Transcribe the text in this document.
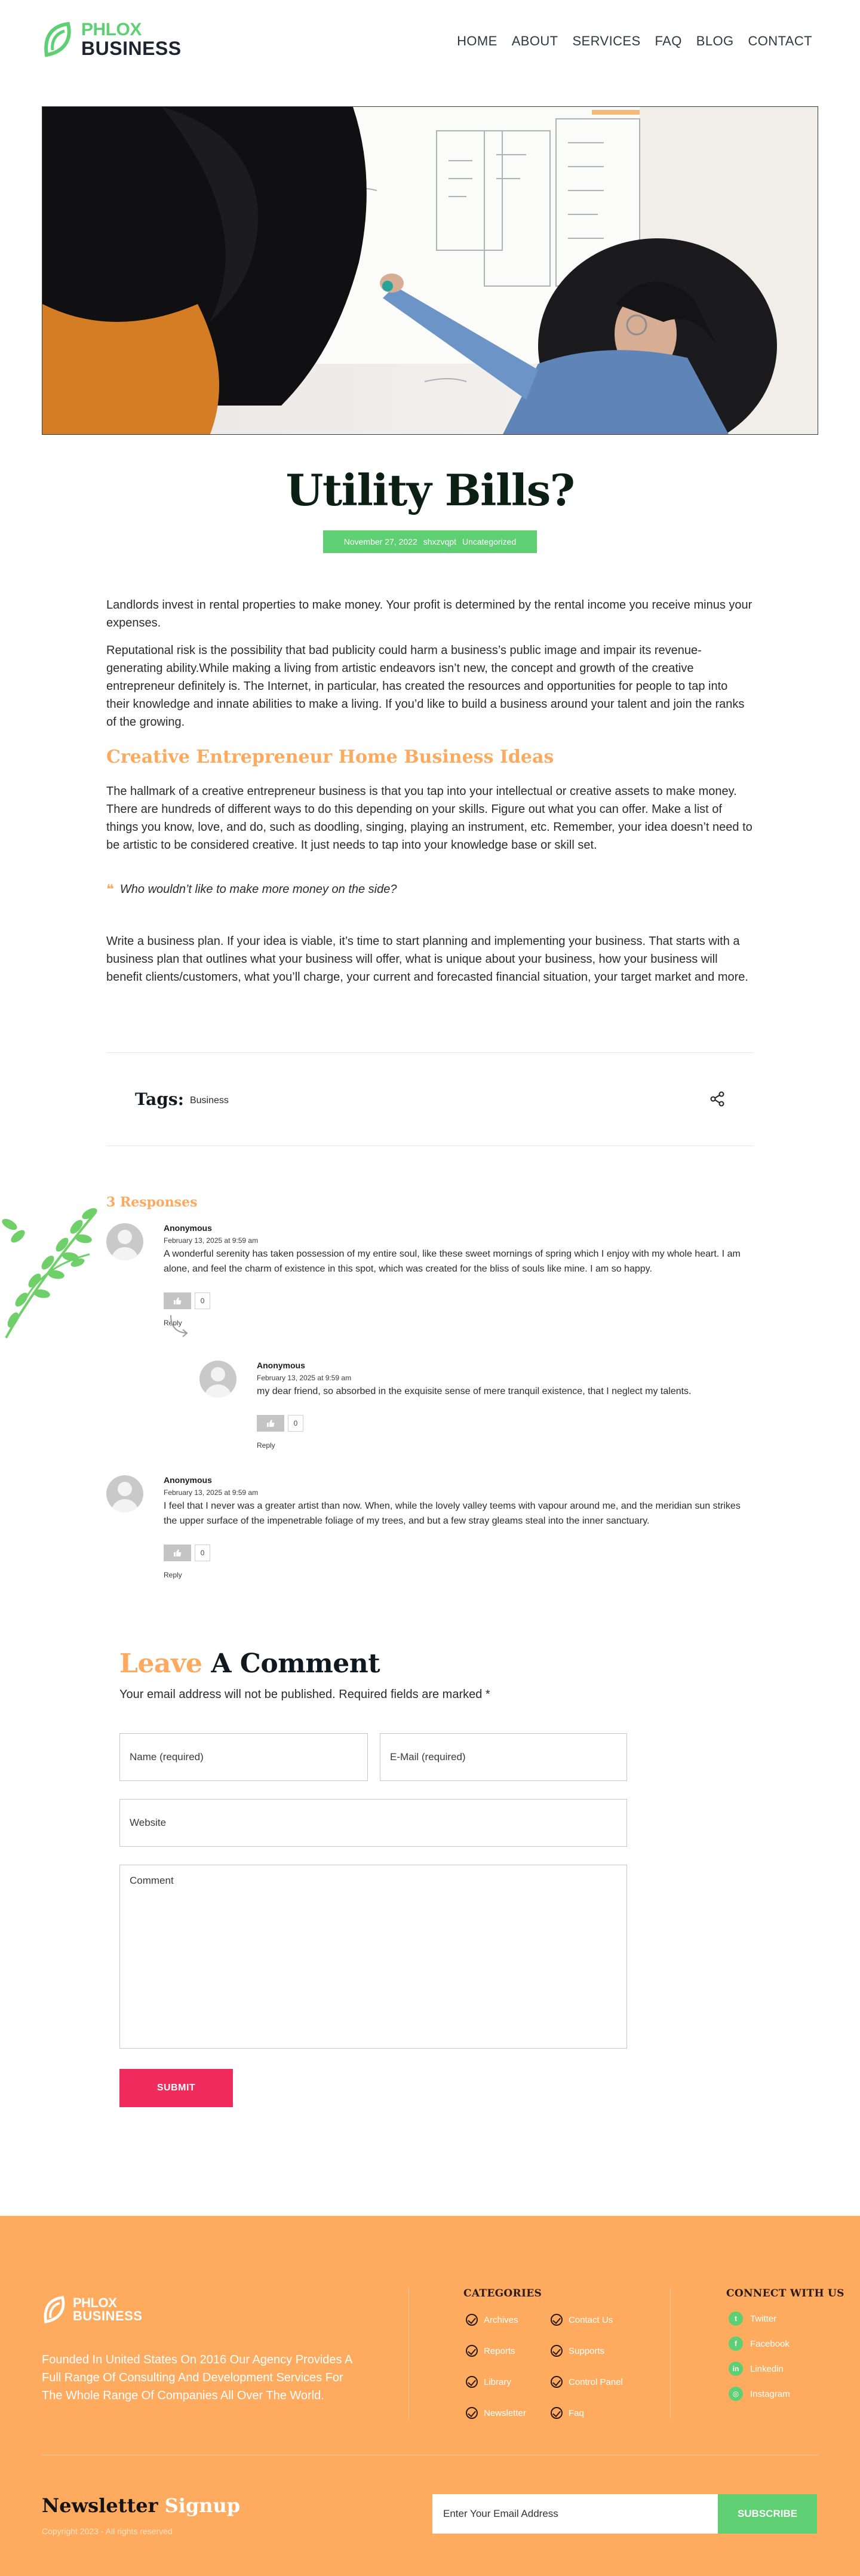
PHLOX
BUSINESS	HOME ABOUT SERVICES FAQ BLOG CONTACT
Utility Bills?
November 27, 2022 shxzvqpt Uncategorized

Landlords invest in rental properties to make money. Your profit is determined by the rental income you receive minus your expenses.

Reputational risk is the possibility that bad publicity could harm a business’s public image and impair its revenue-generating ability.While making a living from artistic endeavors isn’t new, the concept and growth of the creative entrepreneur definitely is. The Internet, in particular, has created the resources and opportunities for people to tap into their knowledge and innate abilities to make a living. If you’d like to build a business around your talent and join the ranks of the growing.

Creative Entrepreneur Home Business Ideas

The hallmark of a creative entrepreneur business is that you tap into your intellectual or creative assets to make money. There are hundreds of different ways to do this depending on your skills. Figure out what you can offer. Make a list of things you know, love, and do, such as doodling, singing, playing an instrument, etc. Remember, your idea doesn’t need to be artistic to be considered creative. It just needs to tap into your knowledge base or skill set.

❝ Who wouldn’t like to make more money on the side?

Write a business plan. If your idea is viable, it’s time to start planning and implementing your business. That starts with a business plan that outlines what your business will offer, what is unique about your business, how your business will benefit clients/customers, what you’ll charge, your current and forecasted financial situation, your target market and more.

Tags: Business
3 Responses
Anonymous
February 13, 2025 at 9:59 am
A wonderful serenity has taken possession of my entire soul, like these sweet mornings of spring which I enjoy with my whole heart. I am alone, and feel the charm of existence in this spot, which was created for the bliss of souls like mine. I am so happy.
0
Reply
Anonymous
February 13, 2025 at 9:59 am
my dear friend, so absorbed in the exquisite sense of mere tranquil existence, that I neglect my talents.
0
Reply
Anonymous
February 13, 2025 at 9:59 am
I feel that I never was a greater artist than now. When, while the lovely valley teems with vapour around me, and the meridian sun strikes the upper surface of the impenetrable foliage of my trees, and but a few stray gleams steal into the inner sanctuary.
0
Reply
Leave A Comment

Your email address will not be published. Required fields are marked *

Name (required)
E-Mail (required)
Website
Comment
SUBMIT
PHLOX
BUSINESS

Founded In United States On 2016 Our Agency Provides A Full Range Of Consulting And Development Services For The Whole Range Of Companies All Over The World.

CATEGORIES
Archives	Contact Us
Reports	Supports
Library	Control Panel
Newsletter	Faq
CONNECT WITH US
t	Twitter
f	Facebook
in	Linkedin
◎	Instagram
Newsletter Signup
Copyright 2023 - All rights reserved
Enter Your Email Address
SUBSCRIBE
